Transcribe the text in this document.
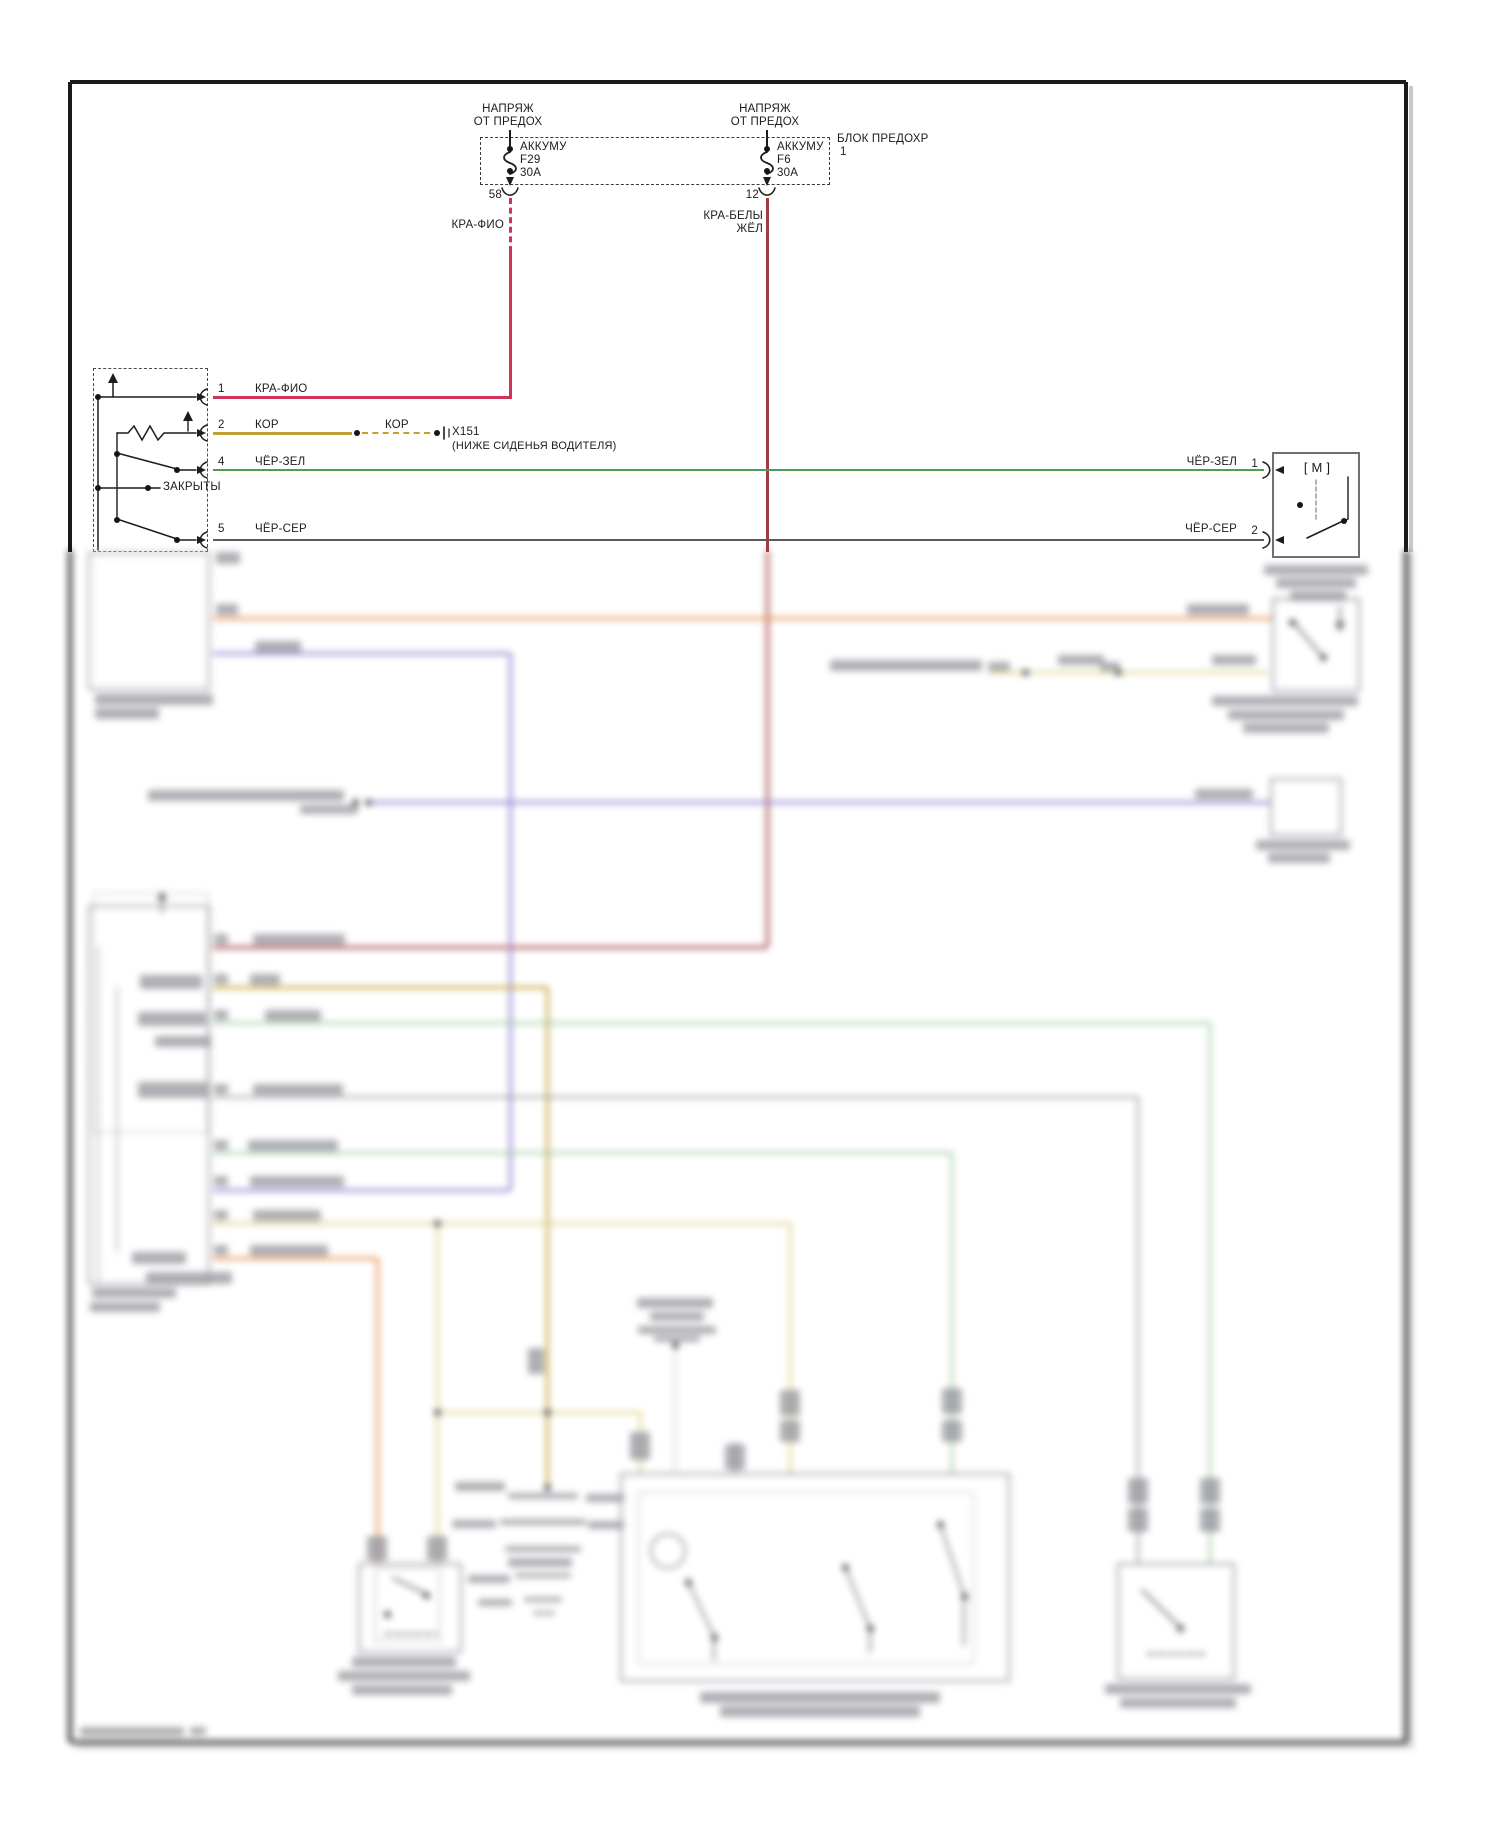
НАПРЯЖ
ОТ ПРЕДОХ
НАПРЯЖ
ОТ ПРЕДОХ
АККУМУ
F29
30A
АККУМУ
F6
30A
БЛОК ПРЕДОХР
1
58	12
КРА-ФИО
КРА-БЕЛЫ
ЖЁЛ
1
2
4
5
КРА-ФИО
КОР	КОР
Х151
(НИЖЕ СИДЕНЬЯ ВОДИТЕЛЯ)
ЧЁР-ЗЕЛ
ЧЁР-СЕР
ЗАКРЫТЫ
ЧЁР-ЗЕЛ 1
ЧЁР-СЕР 2
[ М ]
